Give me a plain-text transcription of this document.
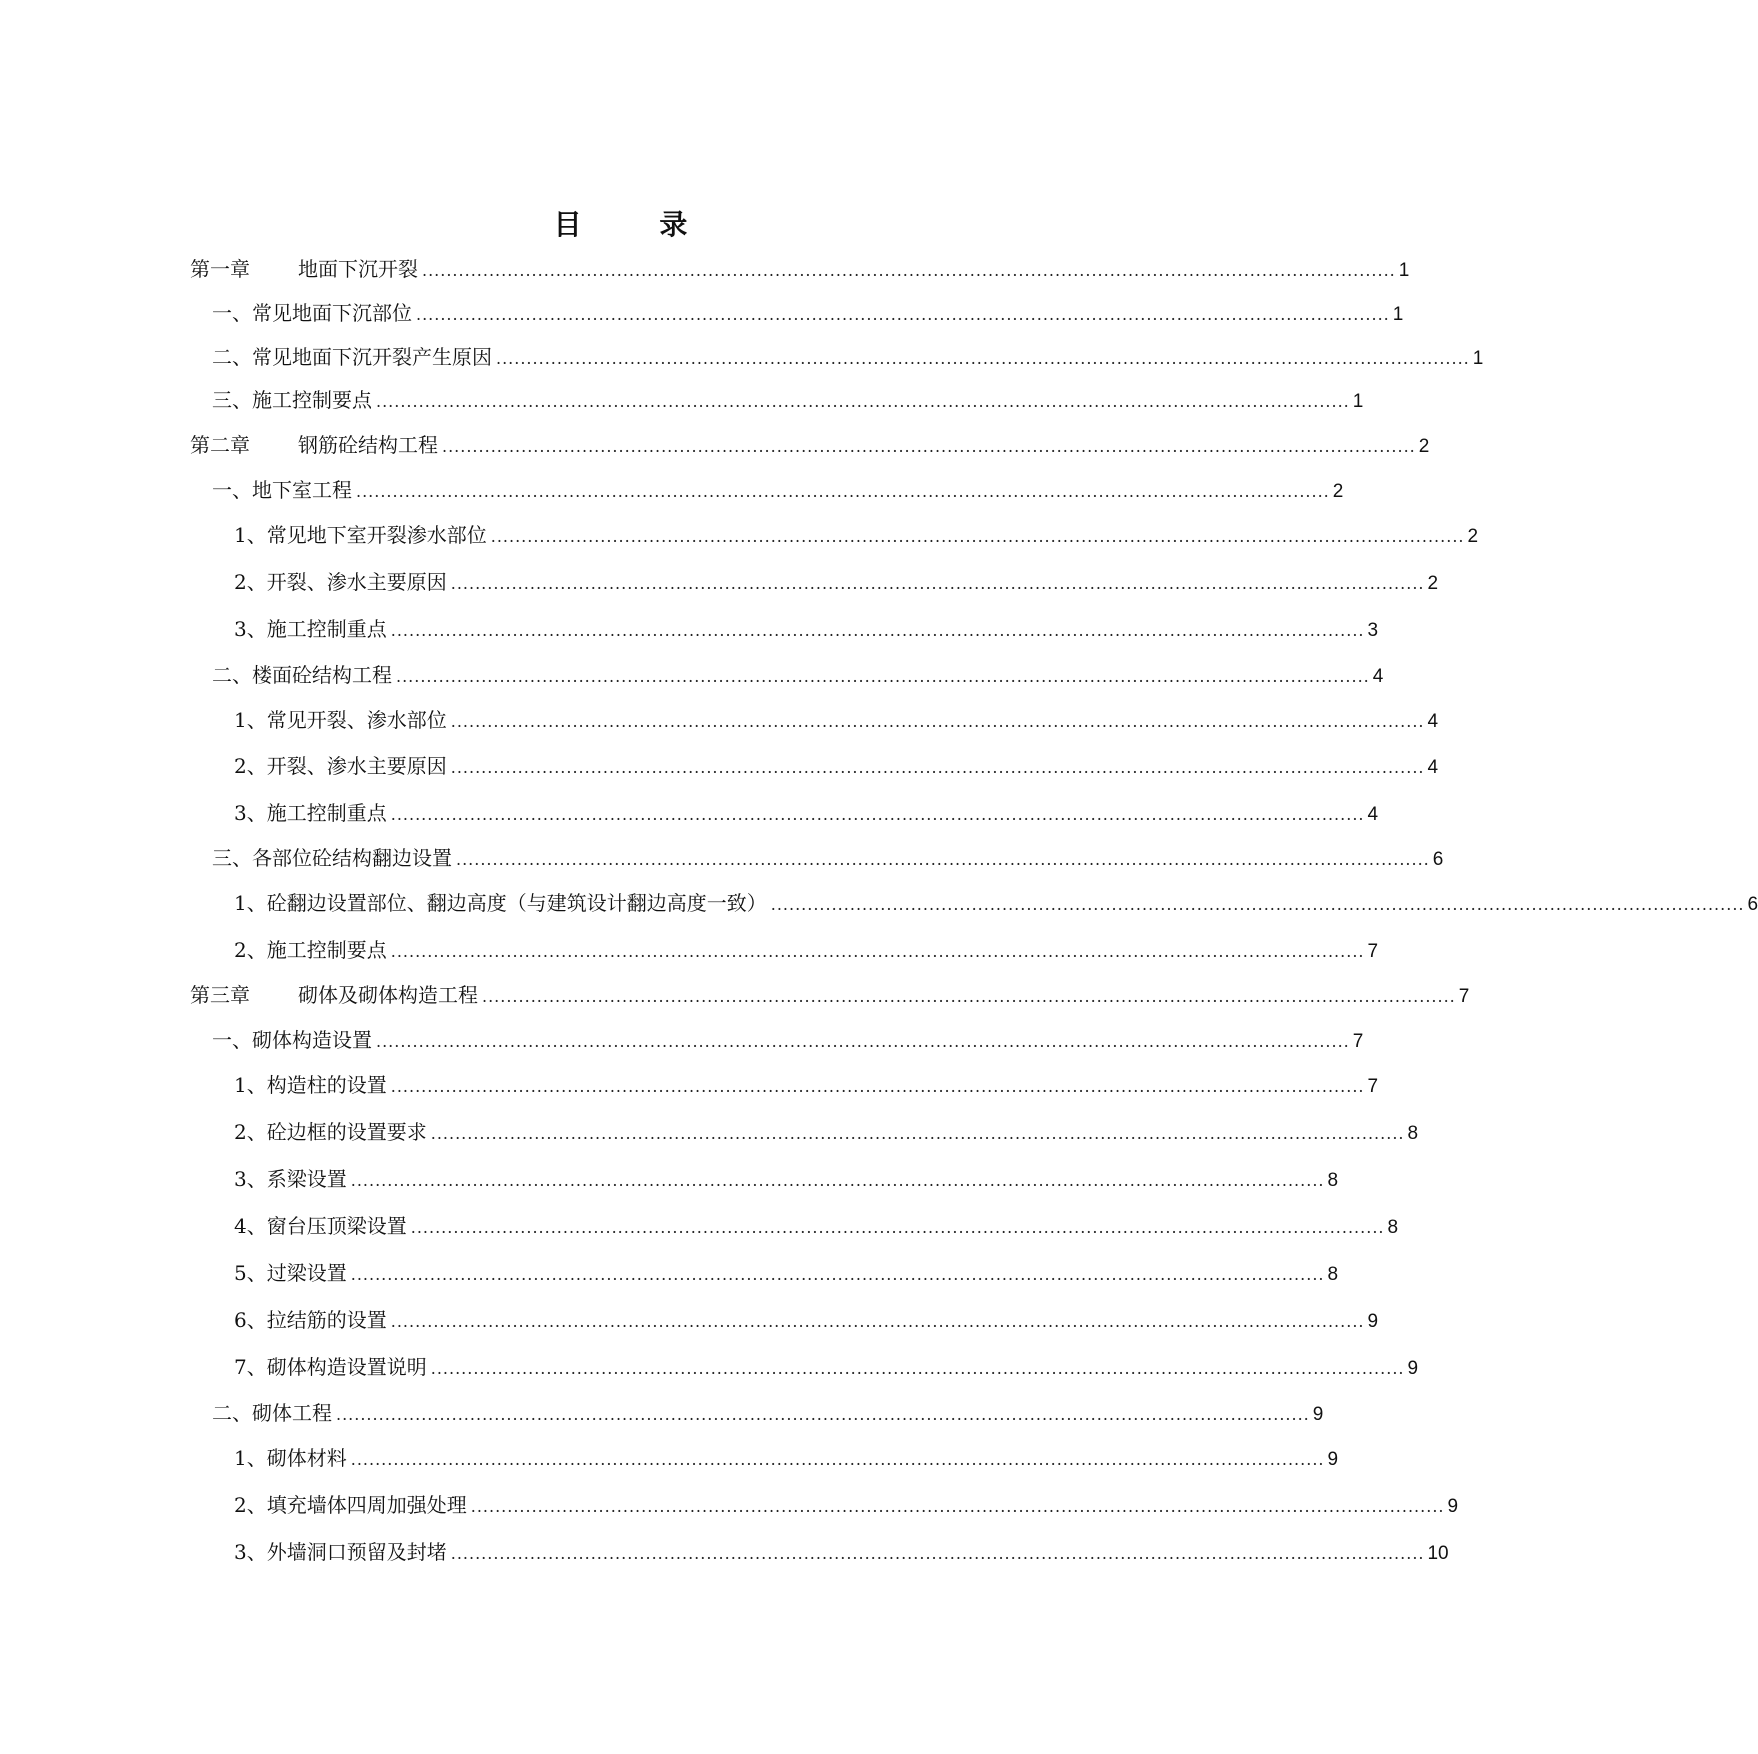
目 录
第一章 地面下沉开裂 ................................................................................................................................................................ 1
一、常见地面下沉部位 ................................................................................................................................................................ 1
二、常见地面下沉开裂产生原因 ................................................................................................................................................................ 1
三、施工控制要点 ................................................................................................................................................................ 1
第二章 钢筋砼结构工程 ................................................................................................................................................................ 2
一、地下室工程 ................................................................................................................................................................ 2
1、常见地下室开裂渗水部位 ................................................................................................................................................................ 2
2、开裂、渗水主要原因 ................................................................................................................................................................ 2
3、施工控制重点 ................................................................................................................................................................ 3
二、楼面砼结构工程 ................................................................................................................................................................ 4
1、常见开裂、渗水部位 ................................................................................................................................................................ 4
2、开裂、渗水主要原因 ................................................................................................................................................................ 4
3、施工控制重点 ................................................................................................................................................................ 4
三、各部位砼结构翻边设置 ................................................................................................................................................................ 6
1、砼翻边设置部位、翻边高度（与建筑设计翻边高度一致） ................................................................................................................................................................ 6
2、施工控制要点 ................................................................................................................................................................ 7
第三章 砌体及砌体构造工程 ................................................................................................................................................................ 7
一、砌体构造设置 ................................................................................................................................................................ 7
1、构造柱的设置 ................................................................................................................................................................ 7
2、砼边框的设置要求 ................................................................................................................................................................ 8
3、系梁设置 ................................................................................................................................................................ 8
4、窗台压顶梁设置 ................................................................................................................................................................ 8
5、过梁设置 ................................................................................................................................................................ 8
6、拉结筋的设置 ................................................................................................................................................................ 9
7、砌体构造设置说明 ................................................................................................................................................................ 9
二、砌体工程 ................................................................................................................................................................ 9
1、砌体材料 ................................................................................................................................................................ 9
2、填充墙体四周加强处理 ................................................................................................................................................................ 9
3、外墙洞口预留及封堵 ................................................................................................................................................................ 10
